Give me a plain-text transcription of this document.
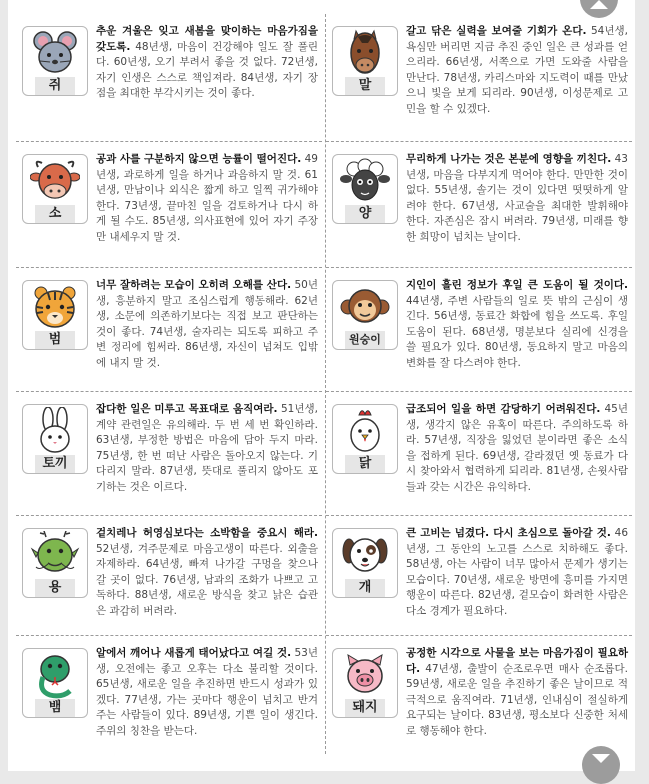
쥐
추운 겨울은 잊고 새봄을 맞이하는 마음가짐을 갖도록. 48년생, 마음이 건강해야 일도 잘 풀린다. 60년생, 오기 부려서 좋을 것 없다. 72년생, 자기 인생은 스스로 책임져라. 84년생, 자기 장점을 최대한 부각시키는 것이 좋다.
소
공과 사를 구분하지 않으면 능률이 떨어진다. 49년생, 과로하게 일을 하거나 과음하지 말 것. 61년생, 만남이나 외식은 짧게 하고 일찍 귀가해야 한다. 73년생, 끝마친 일을 검토하거나 다시 하게 될 수도. 85년생, 의사표현에 있어 자기 주장만 내세우지 말 것.
범
너무 잘하려는 모습이 오히려 오해를 산다. 50년생, 흥분하지 말고 조심스럽게 행동해라. 62년생, 소문에 의존하기보다는 직접 보고 판단하는 것이 좋다. 74년생, 술자리는 되도록 피하고 주변 정리에 힘써라. 86년생, 자신이 넘쳐도 입밖에 내지 말 것.
토끼
잡다한 일은 미루고 목표대로 움직여라. 51년생, 계약 관련일은 유의해라. 두 번 세 번 확인하라. 63년생, 부정한 방법은 마음에 담아 두지 마라. 75년생, 한 번 떠난 사람은 돌아오지 않는다. 기다리지 말라. 87년생, 뜻대로 풀리지 않아도 포기하는 것은 이르다.
용
겉치레나 허영심보다는 소박함을 중요시 해라. 52년생, 겨주문제로 마음고생이 따른다. 외출을 자제하라. 64년생, 빠져 나가갈 구멍을 찾으나 갈 곳이 없다. 76년생, 남과의 조화가 나쁘고 고독하다. 88년생, 새로운 방식을 찾고 낡은 습관은 과감히 버려라.
뱀
알에서 깨어나 새롭게 태어났다고 여길 것. 53년생, 오전에는 좋고 오후는 다소 불리할 것이다. 65년생, 새로운 일을 추진하면 반드시 성과가 있겠다. 77년생, 가는 곳마다 행운이 넘치고 반겨주는 사람들이 있다. 89년생, 기쁜 일이 생긴다. 주위의 칭찬을 받는다.
말
갈고 닦은 실력을 보여줄 기회가 온다. 54년생, 욕심만 버리면 지금 추진 중인 일은 큰 성과를 얻으리라. 66년생, 서쪽으로 가면 도와줄 사람을 만난다. 78년생, 카리스마와 지도력이 때를 만났으니 빛을 보게 되리라. 90년생, 이성문제로 고민을 할 수 있겠다.
양
무리하게 나가는 것은 본분에 영향을 끼친다. 43년생, 마음을 다부지게 먹어야 한다. 만만한 것이 없다. 55년생, 솔기는 것이 있다면 떳떳하게 알려야 한다. 67년생, 사교술을 최대한 발휘해야 한다. 자존심은 잠시 버려라. 79년생, 미래를 향한 희망이 넘치는 날이다.
원숭이
지인이 흘린 정보가 후일 큰 도움이 될 것이다. 44년생, 주변 사람들의 일로 뜻 밖의 근심이 생긴다. 56년생, 동료간 화합에 힘을 쓰도록. 후일 도움이 된다. 68년생, 명분보다 실리에 신경을 쓸 필요가 있다. 80년생, 동요하지 말고 마음의 변화를 잘 다스려야 한다.
닭
급조되어 일을 하면 감당하기 어려워진다. 45년생, 생각지 않은 유혹이 따른다. 주의하도록 하라. 57년생, 직장을 잃었던 분이라면 좋은 소식을 접하게 된다. 69년생, 갈라졌던 옛 동료가 다시 찾아와서 협력하게 되리라. 81년생, 손윗사람들과 갖는 시간은 유익하다.
개
큰 고비는 넘겼다. 다시 초심으로 돌아갈 것. 46년생, 그 동안의 노고를 스스로 치하해도 좋다. 58년생, 아는 사람이 너무 많아서 문제가 생기는 모습이다. 70년생, 새로운 방면에 흥미를 가지면 행운이 따른다. 82년생, 겉모습이 화려한 사람은 다소 경계가 필요하다.
돼지
공정한 시각으로 사물을 보는 마음가짐이 필요하다. 47년생, 출발이 순조로우면 매사 순조롭다. 59년생, 새로운 일을 추진하기 좋은 날이므로 적극적으로 움직여라. 71년생, 인내심이 절실하게 요구되는 날이다. 83년생, 평소보다 신중한 처세로 행동해야 한다.
